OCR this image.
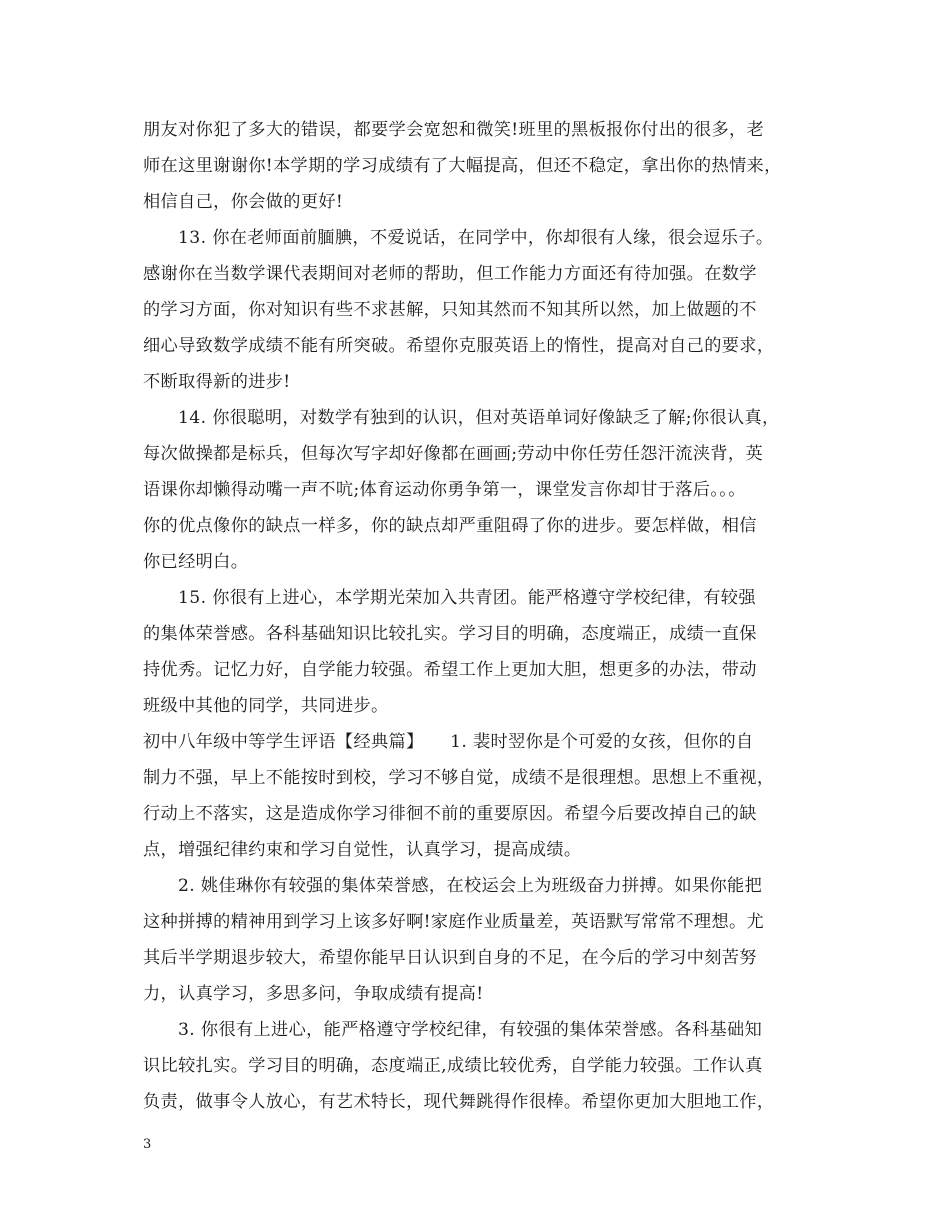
朋友对你犯了多大的错误，都要学会宽恕和微笑!班里的黑板报你付出的很多，老
师在这里谢谢你!本学期的学习成绩有了大幅提高，但还不稳定，拿出你的热情来，
相信自己，你会做的更好!
13. 你在老师面前腼腆，不爱说话，在同学中，你却很有人缘，很会逗乐子。
感谢你在当数学课代表期间对老师的帮助，但工作能力方面还有待加强。在数学
的学习方面，你对知识有些不求甚解，只知其然而不知其所以然，加上做题的不
细心导致数学成绩不能有所突破。希望你克服英语上的惰性，提高对自己的要求，
不断取得新的进步!
14. 你很聪明，对数学有独到的认识，但对英语单词好像缺乏了解;你很认真，
每次做操都是标兵，但每次写字却好像都在画画;劳动中你任劳任怨汗流浃背，英
语课你却懒得动嘴一声不吭;体育运动你勇争第一，课堂发言你却甘于落后。。。
你的优点像你的缺点一样多，你的缺点却严重阻碍了你的进步。要怎样做，相信
你已经明白。
15. 你很有上进心，本学期光荣加入共青团。能严格遵守学校纪律，有较强
的集体荣誉感。各科基础知识比较扎实。学习目的明确，态度端正，成绩一直保
持优秀。记忆力好，自学能力较强。希望工作上更加大胆，想更多的办法，带动
班级中其他的同学，共同进步。
初中八年级中等学生评语【经典篇】　　1. 裴时翌你是个可爱的女孩，但你的自
制力不强，早上不能按时到校，学习不够自觉，成绩不是很理想。思想上不重视，
行动上不落实，这是造成你学习徘徊不前的重要原因。希望今后要改掉自己的缺
点，增强纪律约束和学习自觉性，认真学习，提高成绩。
2. 姚佳琳你有较强的集体荣誉感，在校运会上为班级奋力拼搏。如果你能把
这种拼搏的精神用到学习上该多好啊!家庭作业质量差，英语默写常常不理想。尤
其后半学期退步较大，希望你能早日认识到自身的不足，在今后的学习中刻苦努
力，认真学习，多思多问，争取成绩有提高!
3. 你很有上进心，能严格遵守学校纪律，有较强的集体荣誉感。各科基础知
识比较扎实。学习目的明确，态度端正,成绩比较优秀，自学能力较强。工作认真
负责，做事令人放心，有艺术特长，现代舞跳得作很棒。希望你更加大胆地工作，
3
